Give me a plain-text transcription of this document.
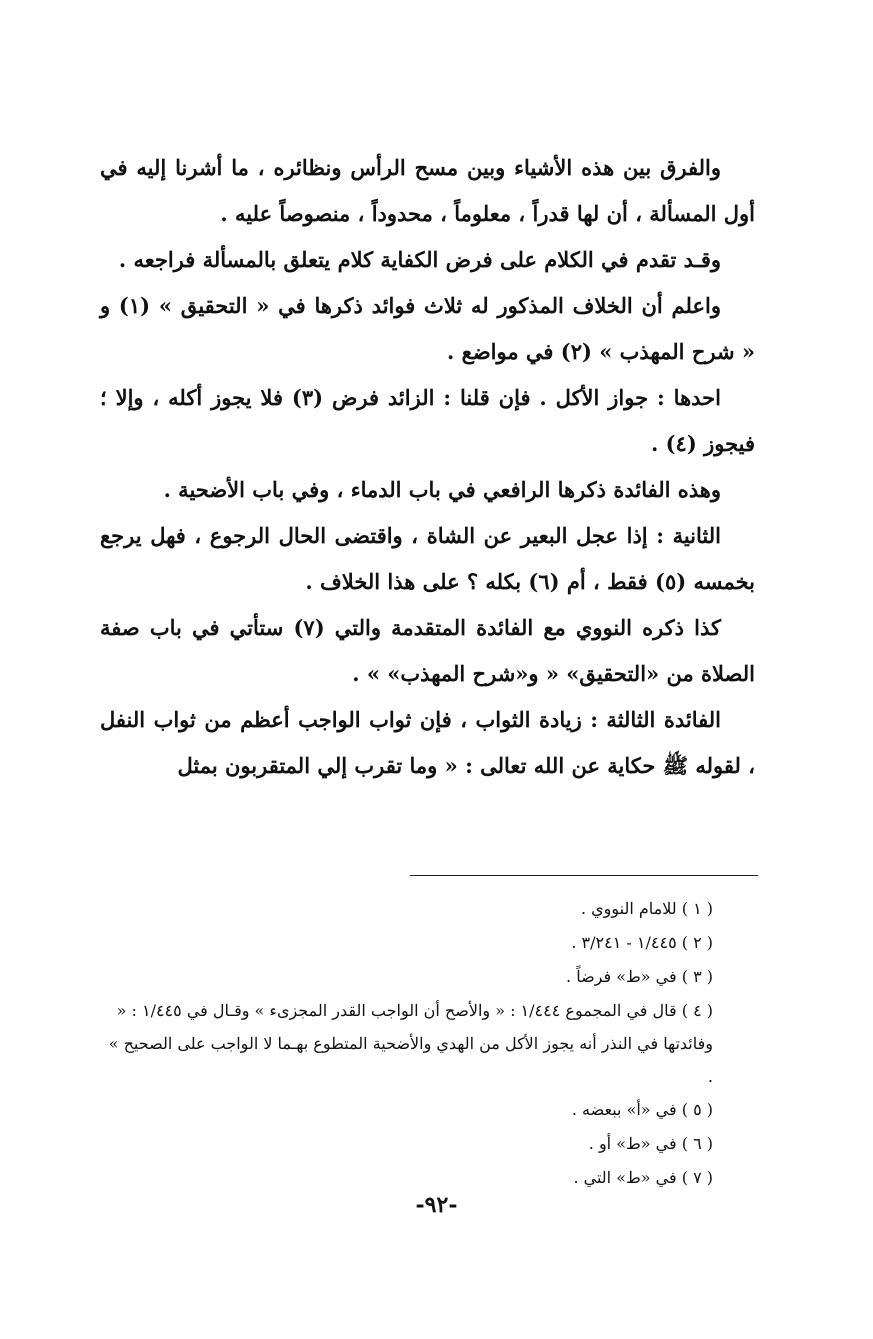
والفرق بين هذه الأشياء وبين مسح الرأس ونظائره ، ما أشرنا إليه في أول المسألة ، أن لها قدراً ، معلوماً ، محدوداً ، منصوصاً عليه .

وقـد تقدم في الكلام على فرض الكفاية كلام يتعلق بالمسألة فراجعه .

واعلم أن الخلاف المذكور له ثلاث فوائد ذكرها في « التحقيق » (١) و « شرح المهذب » (٢) في مواضع .

احدها : جواز الأكل . فإن قلنا : الزائد فرض (٣) فلا يجوز أكله ، وإلا ؛ فيجوز (٤) .

وهذه الفائدة ذكرها الرافعي في باب الدماء ، وفي باب الأضحية .

الثانية : إذا عجل البعير عن الشاة ، واقتضى الحال الرجوع ، فهل يرجع بخمسه (٥) فقط ، أم (٦) بكله ؟ على هذا الخلاف .

كذا ذكره النووي مع الفائدة المتقدمة والتي (٧) ستأتي في باب صفة الصلاة من «التحقيق» « و«شرح المهذب» » .

الفائدة الثالثة : زيادة الثواب ، فإن ثواب الواجب أعظم من ثواب النفل ، لقوله ﷺ حكاية عن الله تعالى : « وما تقرب إلي المتقربون بمثل

( ١ ) للامام النووي .

( ٢ ) ١/٤٤٥ - ٣/٢٤١ .

( ٣ ) في «ط» فرضاً .

( ٤ ) قال في المجموع ١/٤٤٤ : « والأصح أن الواجب القدر المجزىء » وقـال في ١/٤٤٥ : « وفائدتها في النذر أنه يجوز الأكل من الهدي والأضحية المتطوع بهـما لا الواجب على الصحيح » .

( ٥ ) في «أ» ببعضه .

( ٦ ) في «ط» أو .

( ٧ ) في «ط» التي .

-٩٢-
